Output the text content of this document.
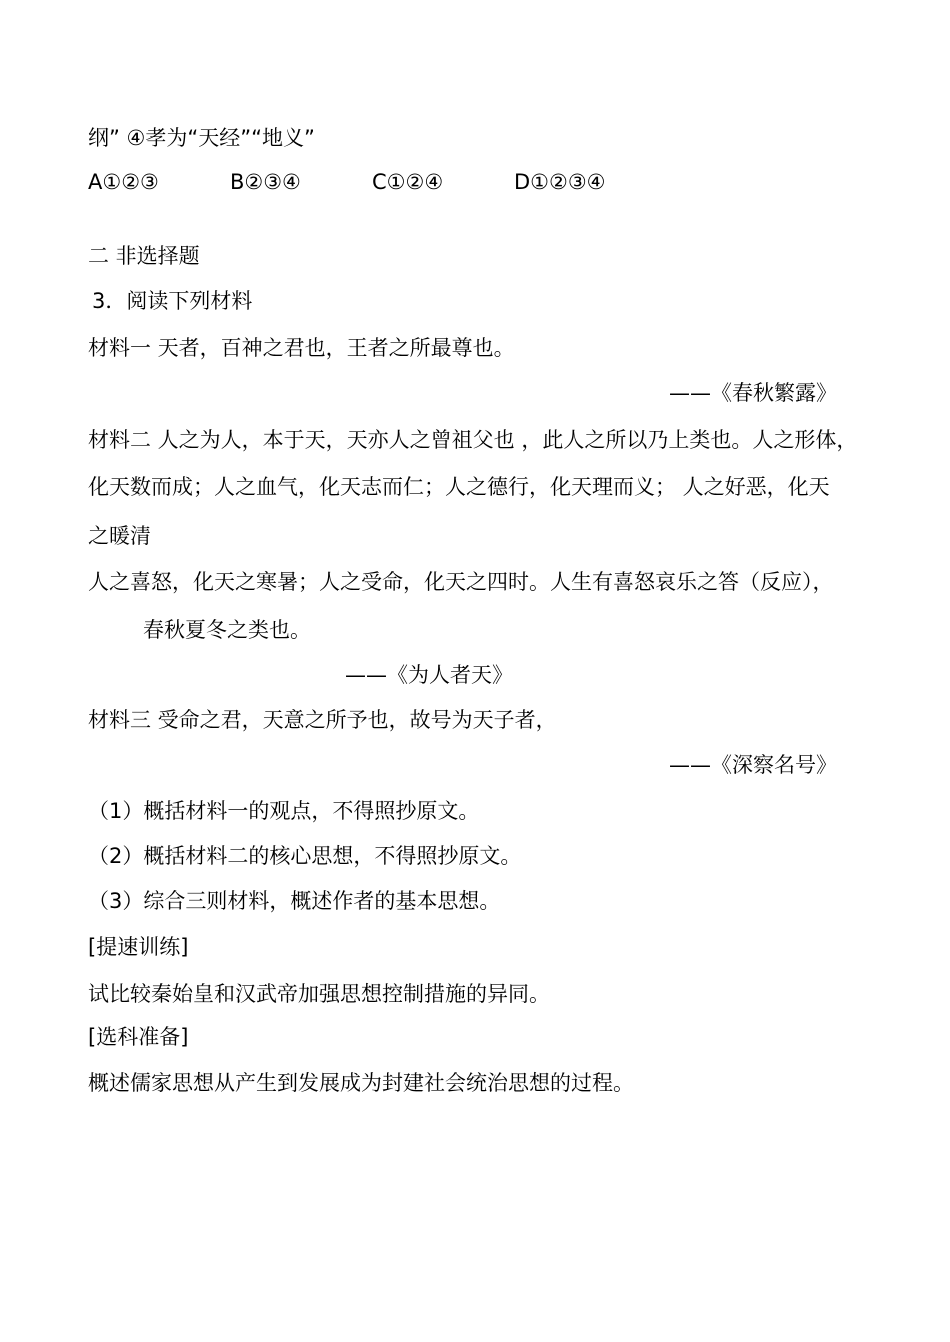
纲” ④孝为“天经”“地义”
A①②③	B②③④	C①②④	D①②③④
二 非选择题
3．阅读下列材料
材料一 天者，百神之君也，王者之所最尊也。
——《春秋繁露》
材料二 人之为人，本于天，天亦人之曾祖父也 ，此人之所以乃上类也。人之形体，
化天数而成；人之血气，化天志而仁；人之德行，化天理而义； 人之好恶，化天
之暖清
人之喜怒，化天之寒暑；人之受命，化天之四时。人生有喜怒哀乐之答（反应），
春秋夏冬之类也。
——《为人者天》
材料三 受命之君，天意之所予也，故号为天子者，
——《深察名号》
（1）概括材料一的观点，不得照抄原文。
（2）概括材料二的核心思想，不得照抄原文。
（3）综合三则材料，概述作者的基本思想。
[提速训练]
试比较秦始皇和汉武帝加强思想控制措施的异同。
[选科准备]
概述儒家思想从产生到发展成为封建社会统治思想的过程。
